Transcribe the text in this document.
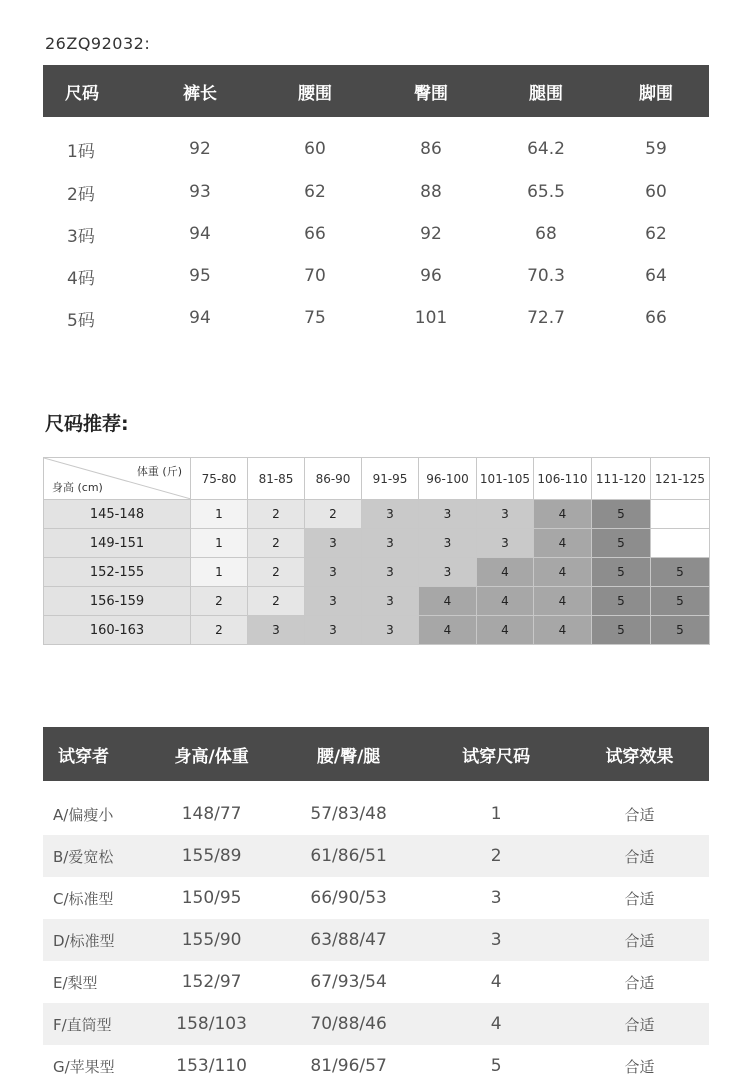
26ZQ92032:
尺码	裤长	腰围	臀围	腿围	脚围
1码	92	60	86	64.2	59
2码	93	62	88	65.5	60
3码	94	66	92	68	62
4码	95	70	96	70.3	64
5码	94	75	101	72.7	66
尺码推荐:
体重 (斤)
身高 (cm)	75-80	81-85	86-90	91-95	96-100	101-105	106-110	111-120	121-125
145-148	1	2	2	3	3	3	4	5	
149-151	1	2	3	3	3	3	4	5	
152-155	1	2	3	3	3	4	4	5	5
156-159	2	2	3	3	4	4	4	5	5
160-163	2	3	3	3	4	4	4	5	5
试穿者	身高/体重	腰/臀/腿	试穿尺码	试穿效果

A/偏瘦小	148/77	57/83/48	1	合适
B/爱宽松	155/89	61/86/51	2	合适
C/标准型	150/95	66/90/53	3	合适
D/标准型	155/90	63/88/47	3	合适
E/梨型	152/97	67/93/54	4	合适
F/直筒型	158/103	70/88/46	4	合适
G/苹果型	153/110	81/96/57	5	合适
